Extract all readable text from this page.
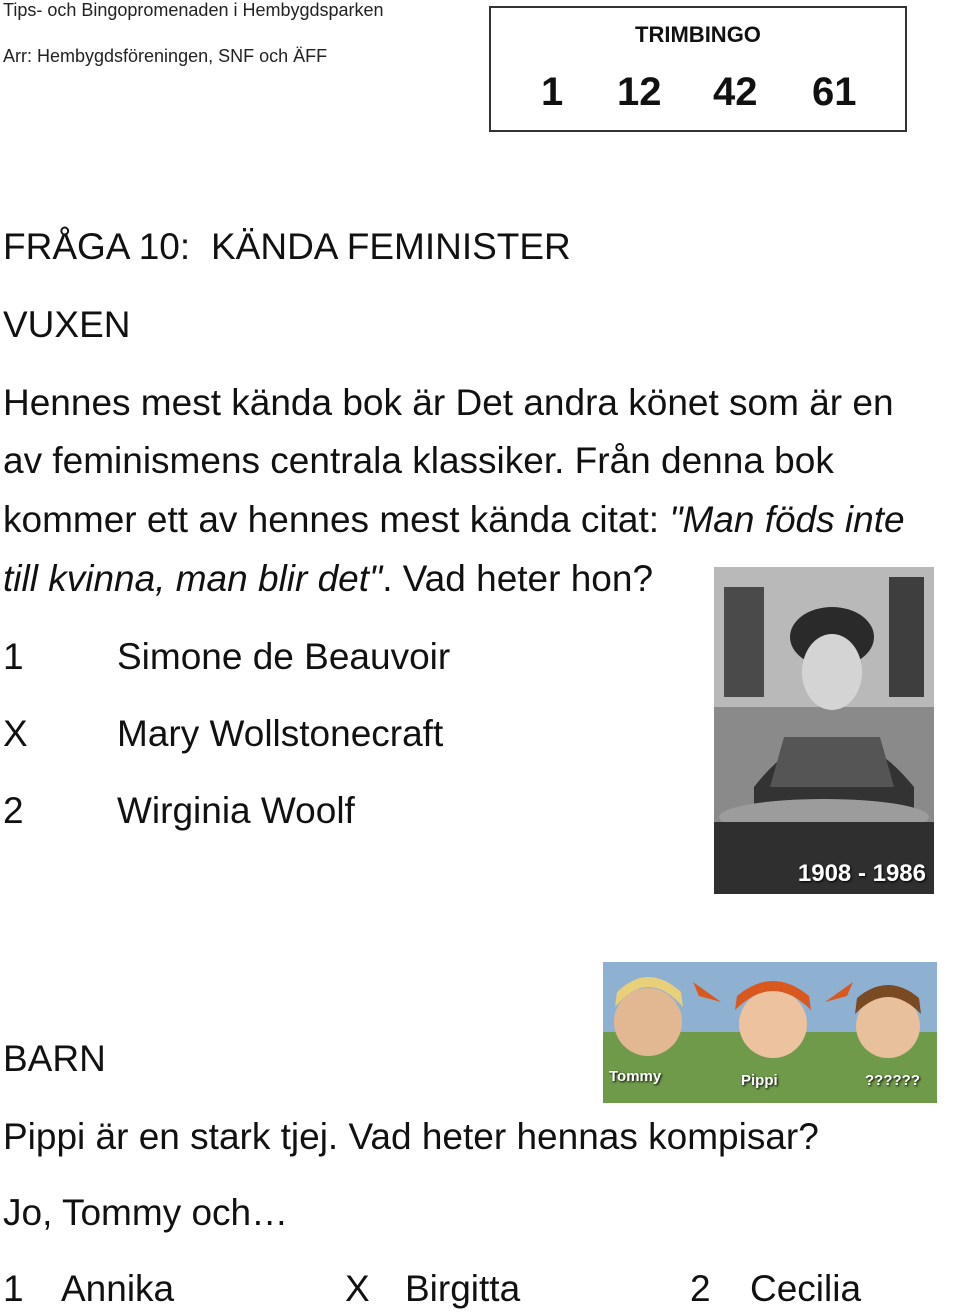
Tips- och Bingopromenaden i Hembygdsparken
Arr: Hembygdsföreningen, SNF och ÄFF
TRIMBINGO
1 12 42 61
FRÅGA 10: KÄNDA FEMINISTER
VUXEN
Hennes mest kända bok är Det andra könet som är en
av feminismens centrala klassiker. Från denna bok
kommer ett av hennes mest kända citat: "Man föds inte
till kvinna, man blir det". Vad heter hon?
1	Simone de Beauvoir
X Mary Wollstonecraft
2	Wirginia Woolf
1908 - 1986
BARN	Tommy	Pippi	??????
Pippi är en stark tjej. Vad heter hennas kompisar?
Jo, Tommy och…
1 Annika	X Birgitta	2 Cecilia
